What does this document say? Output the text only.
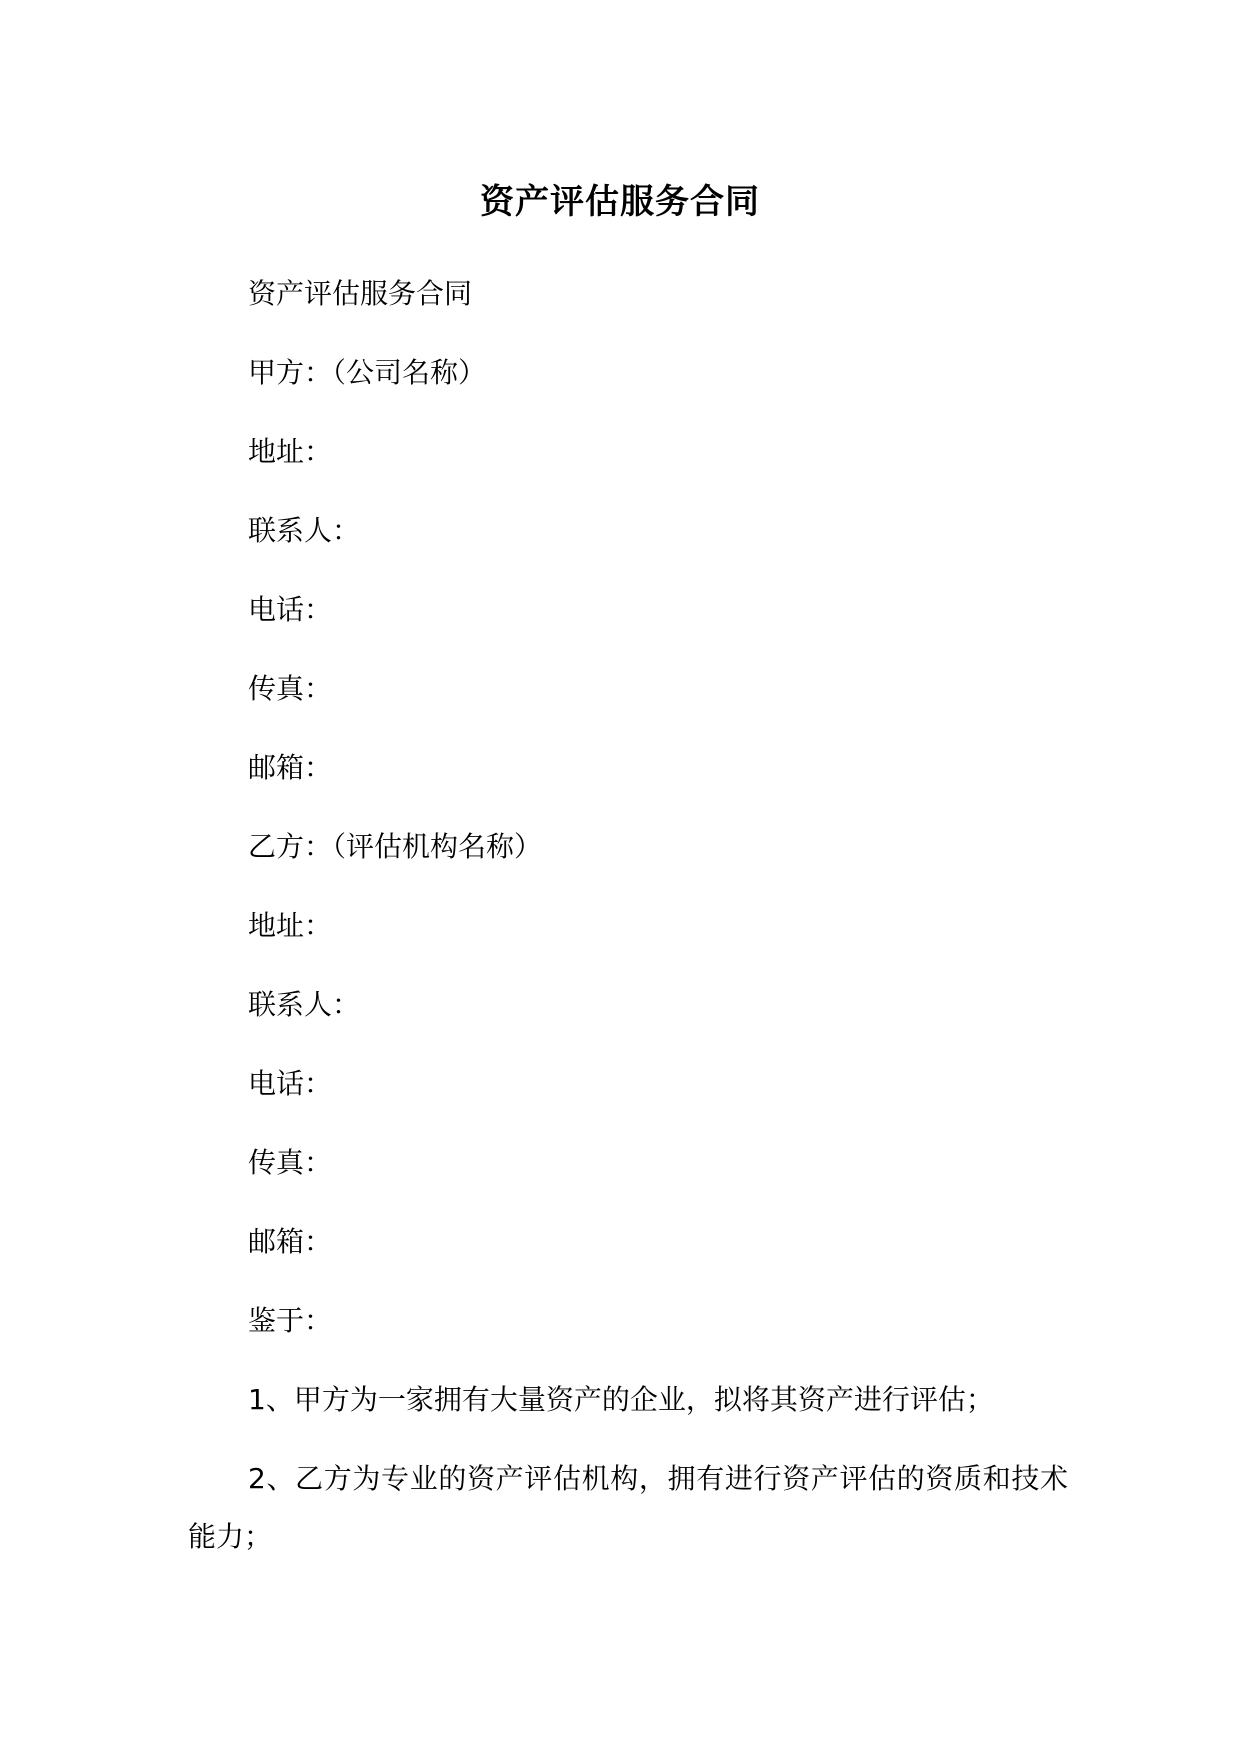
资产评估服务合同

资产评估服务合同

甲方：（公司名称）

地址：

联系人：

电话：

传真：

邮箱：

乙方：（评估机构名称）

地址：

联系人：

电话：

传真：

邮箱：

鉴于：

1、甲方为一家拥有大量资产的企业，拟将其资产进行评估；

2、乙方为专业的资产评估机构，拥有进行资产评估的资质和技术能力；
